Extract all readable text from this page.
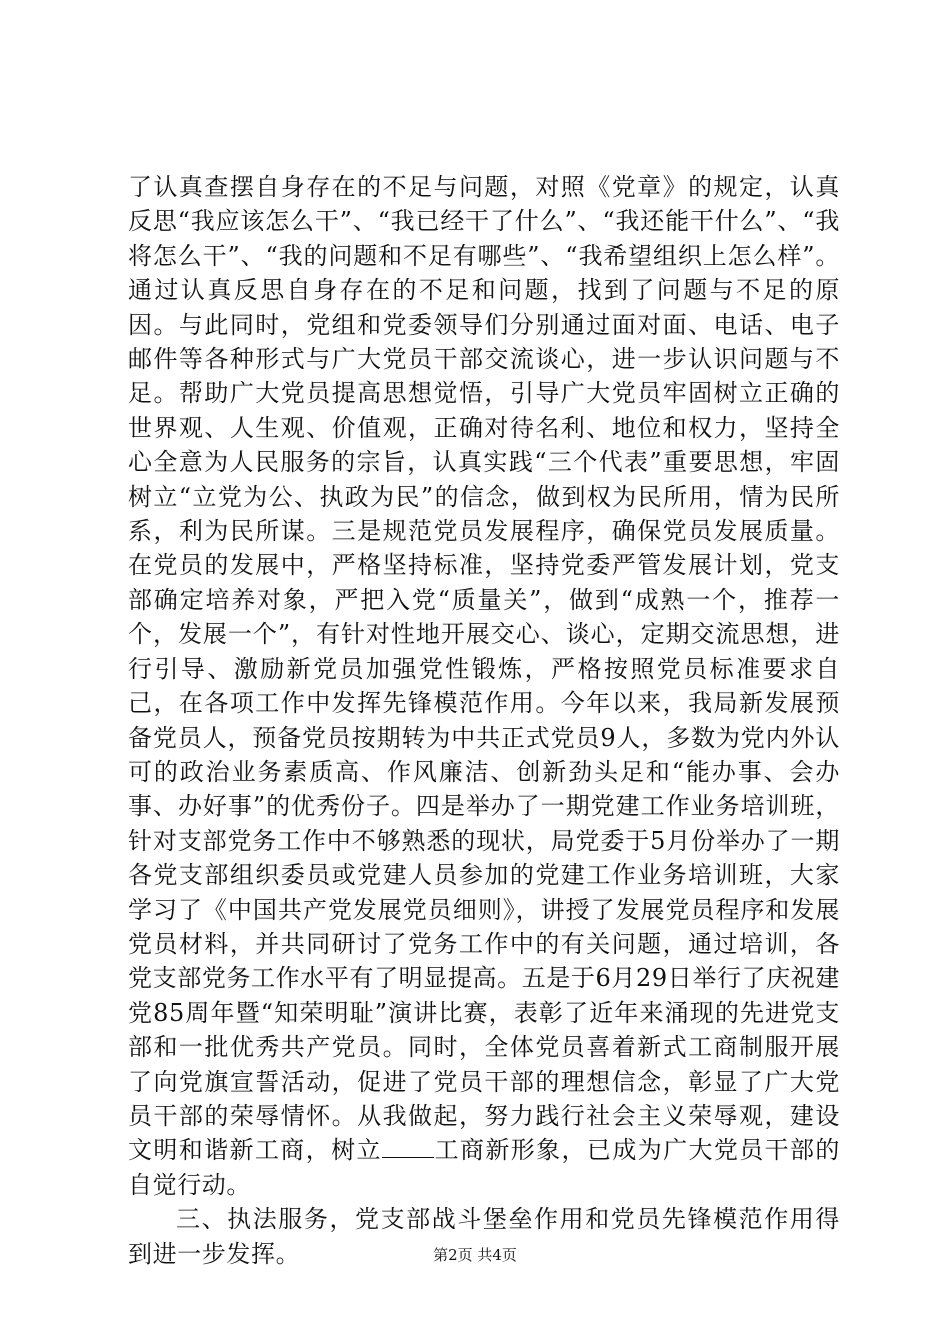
了认真查摆自身存在的不足与问题，对照《党章》的规定，认真反思“我应该怎么干”、“我已经干了什么”、“我还能干什么”、“我将怎么干”、“我的问题和不足有哪些”、“我希望组织上怎么样”。通过认真反思自身存在的不足和问题，找到了问题与不足的原因。与此同时，党组和党委领导们分别通过面对面、电话、电子邮件等各种形式与广大党员干部交流谈心，进一步认识问题与不足。帮助广大党员提高思想觉悟，引导广大党员牢固树立正确的世界观、人生观、价值观，正确对待名利、地位和权力，坚持全心全意为人民服务的宗旨，认真实践“三个代表”重要思想，牢固树立“立党为公、执政为民”的信念，做到权为民所用，情为民所系，利为民所谋。三是规范党员发展程序，确保党员发展质量。在党员的发展中，严格坚持标准，坚持党委严管发展计划，党支部确定培养对象，严把入党“质量关”，做到“成熟一个，推荐一个，发展一个”，有针对性地开展交心、谈心，定期交流思想，进行引导、激励新党员加强党性锻炼，严格按照党员标准要求自己，在各项工作中发挥先锋模范作用。今年以来，我局新发展预备党员人，预备党员按期转为中共正式党员9人，多数为党内外认可的政治业务素质高、作风廉洁、创新劲头足和“能办事、会办事、办好事”的优秀份子。四是举办了一期党建工作业务培训班，针对支部党务工作中不够熟悉的现状，局党委于5月份举办了一期各党支部组织委员或党建人员参加的党建工作业务培训班，大家学习了《中国共产党发展党员细则》，讲授了发展党员程序和发展党员材料，并共同研讨了党务工作中的有关问题，通过培训，各党支部党务工作水平有了明显提高。五是于6月29日举行了庆祝建党85周年暨“知荣明耻”演讲比赛，表彰了近年来涌现的先进党支部和一批优秀共产党员。同时，全体党员喜着新式工商制服开展了向党旗宣誓活动，促进了党员干部的理想信念，彰显了广大党员干部的荣辱情怀。从我做起，努力践行社会主义荣辱观，建设文明和谐新工商，树立 工商新形象，已成为广大党员干部的自觉行动。

三、执法服务，党支部战斗堡垒作用和党员先锋模范作用得到进一步发挥。	第2页 共4页
